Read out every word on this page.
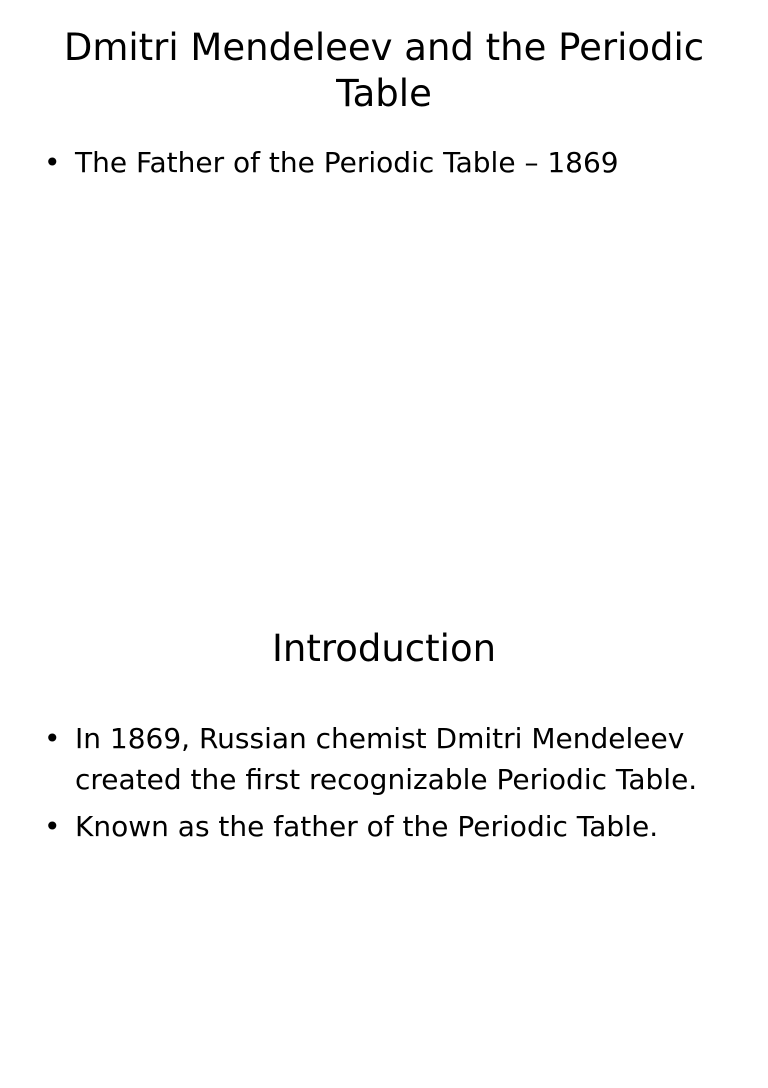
Dmitri Mendeleev and the Periodic Table
• The Father of the Periodic Table – 1869
Introduction
• In 1869, Russian chemist Dmitri Mendeleev created the first recognizable Periodic Table.
• Known as the father of the Periodic Table.
